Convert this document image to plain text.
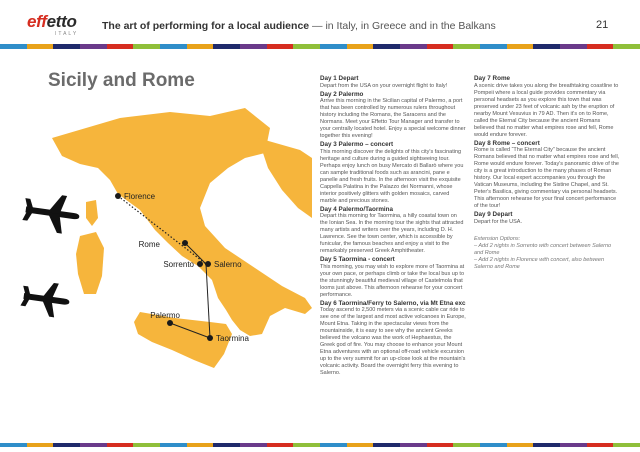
effetto
ITALY
The art of performing for a local audience — in Italy, in Greece and in the Balkans	21
Sicily and Rome
Florence
Rome
Sorrento	Salerno
Palermo
Taormina
Day 1 Depart

Depart from the USA on your overnight flight to Italy!

Day 2 Palermo

Arrive this morning in the Sicilian capital of Palermo, a port that has been controlled by numerous rulers throughout history including the Romans, the Saracens and the Normans. Meet your Effetto Tour Manager and transfer to your centrally located hotel. Enjoy a special welcome dinner together this evening!

Day 3 Palermo – concert

This morning discover the delights of this city's fascinating heritage and culture during a guided sightseeing tour. Perhaps enjoy lunch on busy Mercato di Ballarò where you can sample traditional foods such as arancini, pane e panelle and fresh fruits. In the afternoon visit the exquisite Cappella Palatina in the Palazzo dei Normanni, whose interior positively glitters with golden mosaics, carved marble and precious stones.

Day 4 Palermo/Taormina

Depart this morning for Taormina, a hilly coastal town on the Ionian Sea. In the morning tour the sights that attracted many artists and writers over the years, including D. H. Lawrence. See the town center, which is accessible by funicular, the famous beaches and enjoy a visit to the remarkably preserved Greek Amphitheater.

Day 5 Taormina - concert

This morning, you may wish to explore more of Taormina at your own pace, or perhaps climb or take the local bus up to the stunningly beautiful medieval village of Castelmola that looms just above. This afternoon rehearse for your concert performance.

Day 6 Taormina/Ferry to Salerno, via Mt Etna exc

Today ascend to 2,500 meters via a scenic cable car ride to see one of the largest and most active volcanoes in Europe, Mount Etna. Taking in the spectacular views from the mountainside, it is easy to see why the ancient Greeks believed the volcano was the work of Hephaestus, the Greek god of fire. You may choose to enhance your Mount Etna adventures with an optional off-road vehicle excursion up to the very summit for an up-close look at the mountain's volcanic activity. Board the overnight ferry this evening to Salerno.

Day 7 Rome

A scenic drive takes you along the breathtaking coastline to Pompeii where a local guide provides commentary via personal headsets as you explore this town that was preserved under 23 feet of volcanic ash by the eruption of nearby Mount Vesuvius in 79 AD. Then it's on to Rome, called the Eternal City because the ancient Romans believed that no matter what empires rose and fell, Rome would endure forever.

Day 8 Rome – concert

Rome is called “The Eternal City” because the ancient Romans believed that no matter what empires rose and fell, Rome would endure forever. Today's panoramic drive of the city is a great introduction to the many phases of Roman history. Our local expert accompanies you through the Vatican Museums, including the Sistine Chapel, and St. Peter's Basilica, giving commentary via personal headsets. This afternoon rehearse for your final concert performance of the tour!

Day 9 Depart

Depart for the USA.

Extension Options:

– Add 2 nights in Sorrento with concert between Salerno and Rome

– Add 2 nights in Florence with concert, also between Salerno and Rome
